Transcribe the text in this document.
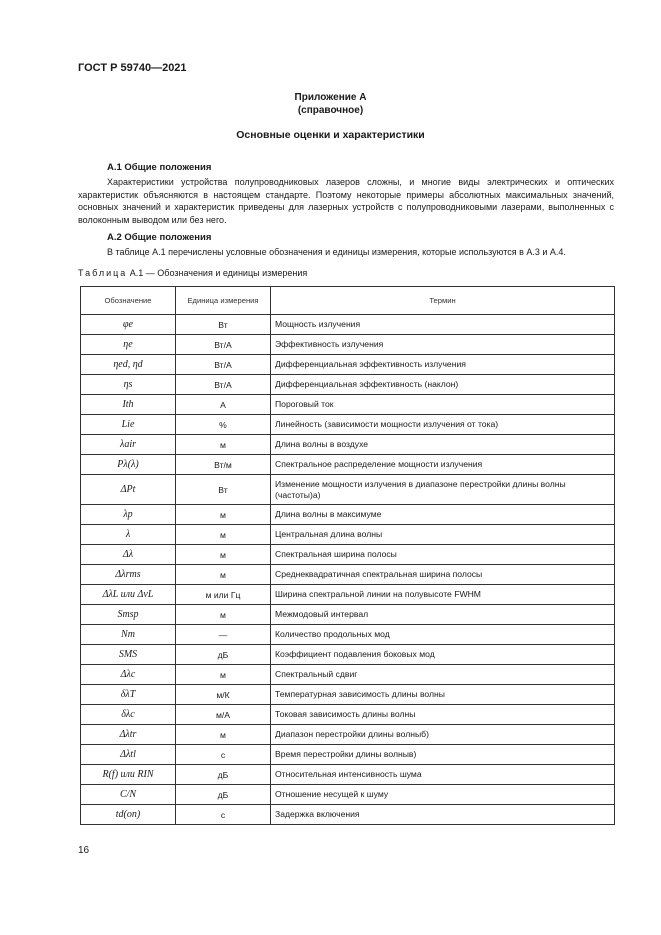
ГОСТ Р 59740—2021
Приложение А
(справочное)
Основные оценки и характеристики
А.1 Общие положения
Характеристики устройства полупроводниковых лазеров сложны, и многие виды электрических и оптических характеристик объясняются в настоящем стандарте. Поэтому некоторые примеры абсолютных максимальных значений, основных значений и характеристик приведены для лазерных устройств с полупроводниковыми лазерами, выполненных с волоконным выводом или без него.
А.2 Общие положения
В таблице А.1 перечислены условные обозначения и единицы измерения, которые используются в А.3 и А.4.
Таблица А.1 — Обозначения и единицы измерения
Обозначение	Единица измерения	Термин
φe	Вт	Мощность излучения
ηe	Вт/А	Эффективность излучения
ηed, ηd	Вт/А	Дифференциальная эффективность излучения
ηs	Вт/А	Дифференциальная эффективность (наклон)
Ith	А	Пороговый ток
Lie	%	Линейность (зависимости мощности излучения от тока)
λair	м	Длина волны в воздухе
Pλ(λ)	Вт/м	Спектральное распределение мощности излучения
ΔPt	Вт	Изменение мощности излучения в диапазоне перестройки длины волны (частоты)а)
λp	м	Длина волны в максимуме
λ	м	Центральная длина волны
Δλ	м	Спектральная ширина полосы
Δλrms	м	Среднеквадратичная спектральная ширина полосы
ΔλL или ΔνL	м или Гц	Ширина спектральной линии на полувысоте FWHM
Smsp	м	Межмодовый интервал
Nm	—	Количество продольных мод
SMS	дБ	Коэффициент подавления боковых мод
Δλc	м	Спектральный сдвиг
δλT	м/К	Температурная зависимость длины волны
δλc	м/А	Токовая зависимость длины волны
Δλtr	м	Диапазон перестройки длины волныб)
Δλtl	с	Время перестройки длины волныв)
R(f) или RIN	дБ	Относительная интенсивность шума
C/N	дБ	Отношение несущей к шуму
td(on)	с	Задержка включения
16
